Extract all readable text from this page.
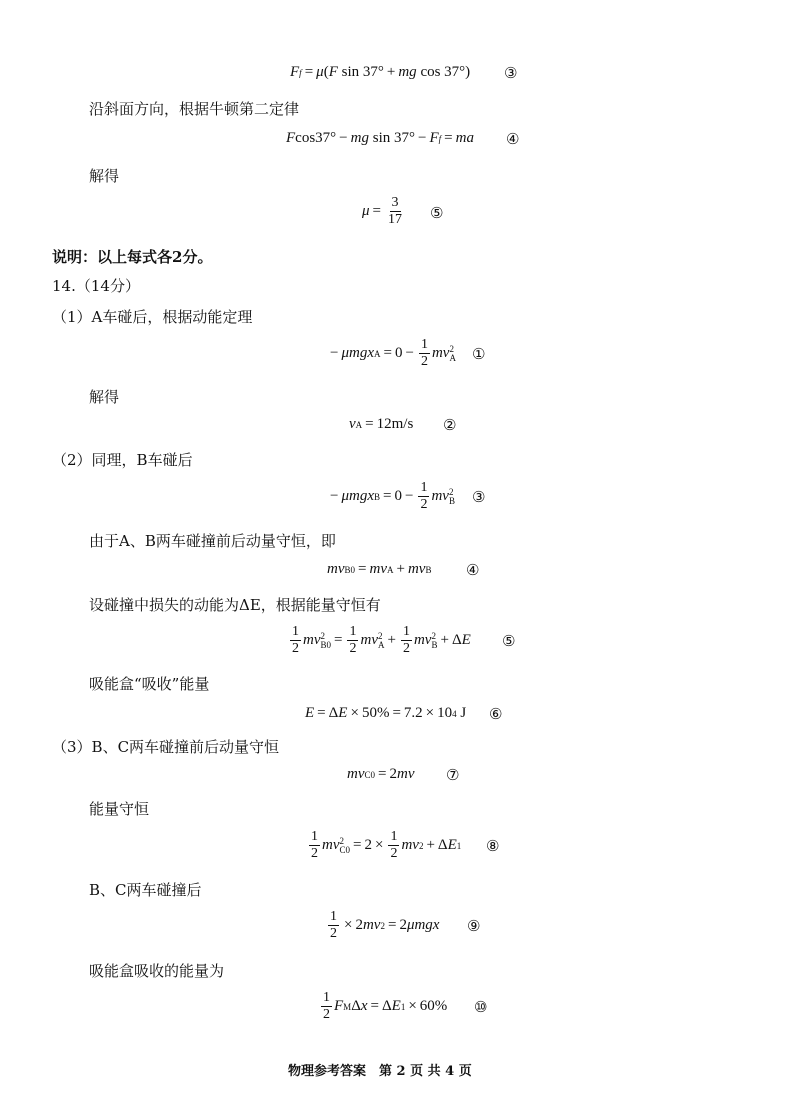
F f = μ ( F sin 37° + mg cos 37°) ③
沿斜面方向，根据牛顿第二定律
F cos37° − mg sin 37° − F f = ma ④
解得
$\mu = \frac{3}{17}$ ⑤
说明：以上每式各2分。
14.（14分）
（1）A车碰后，根据动能定理
− μmgx $A = 0 - \frac{1}{2}$ mv 2
A ①
解得
v A = 12m/s ②
（2）同理，B车碰后
− μmgx $B = 0 - \frac{1}{2}$ mv 2
B ③
由于A、B两车碰撞前后动量守恒，即
mv B0 = mv A + mv B ④
设碰撞中损失的动能为ΔE，根据能量守恒有
$\frac{1}{2}$ mv 2
$B0 = \frac{1}{2}$ mv 2
$A + \frac{1}{2}$ mv 2
B + Δ E ⑤
吸能盒“吸收”能量
E = Δ E × 50% = 7.2 × 10 4 J ⑥
（3）B、C两车碰撞前后动量守恒
mv C0 = 2 mv ⑦
能量守恒
$\frac{1}{2}$ mv 2
$C0 = 2 \times \frac{1}{2}$ mv 2 + Δ E 1 ⑧
B、C两车碰撞后
$\frac{1}{2} \times 2$ mv 2 = 2 μmgx ⑨
吸能盒吸收的能量为
$\frac{1}{2}$ F M Δ x = Δ E 1 × 60% ⑩
物理参考答案　第 2 页 共 4 页
